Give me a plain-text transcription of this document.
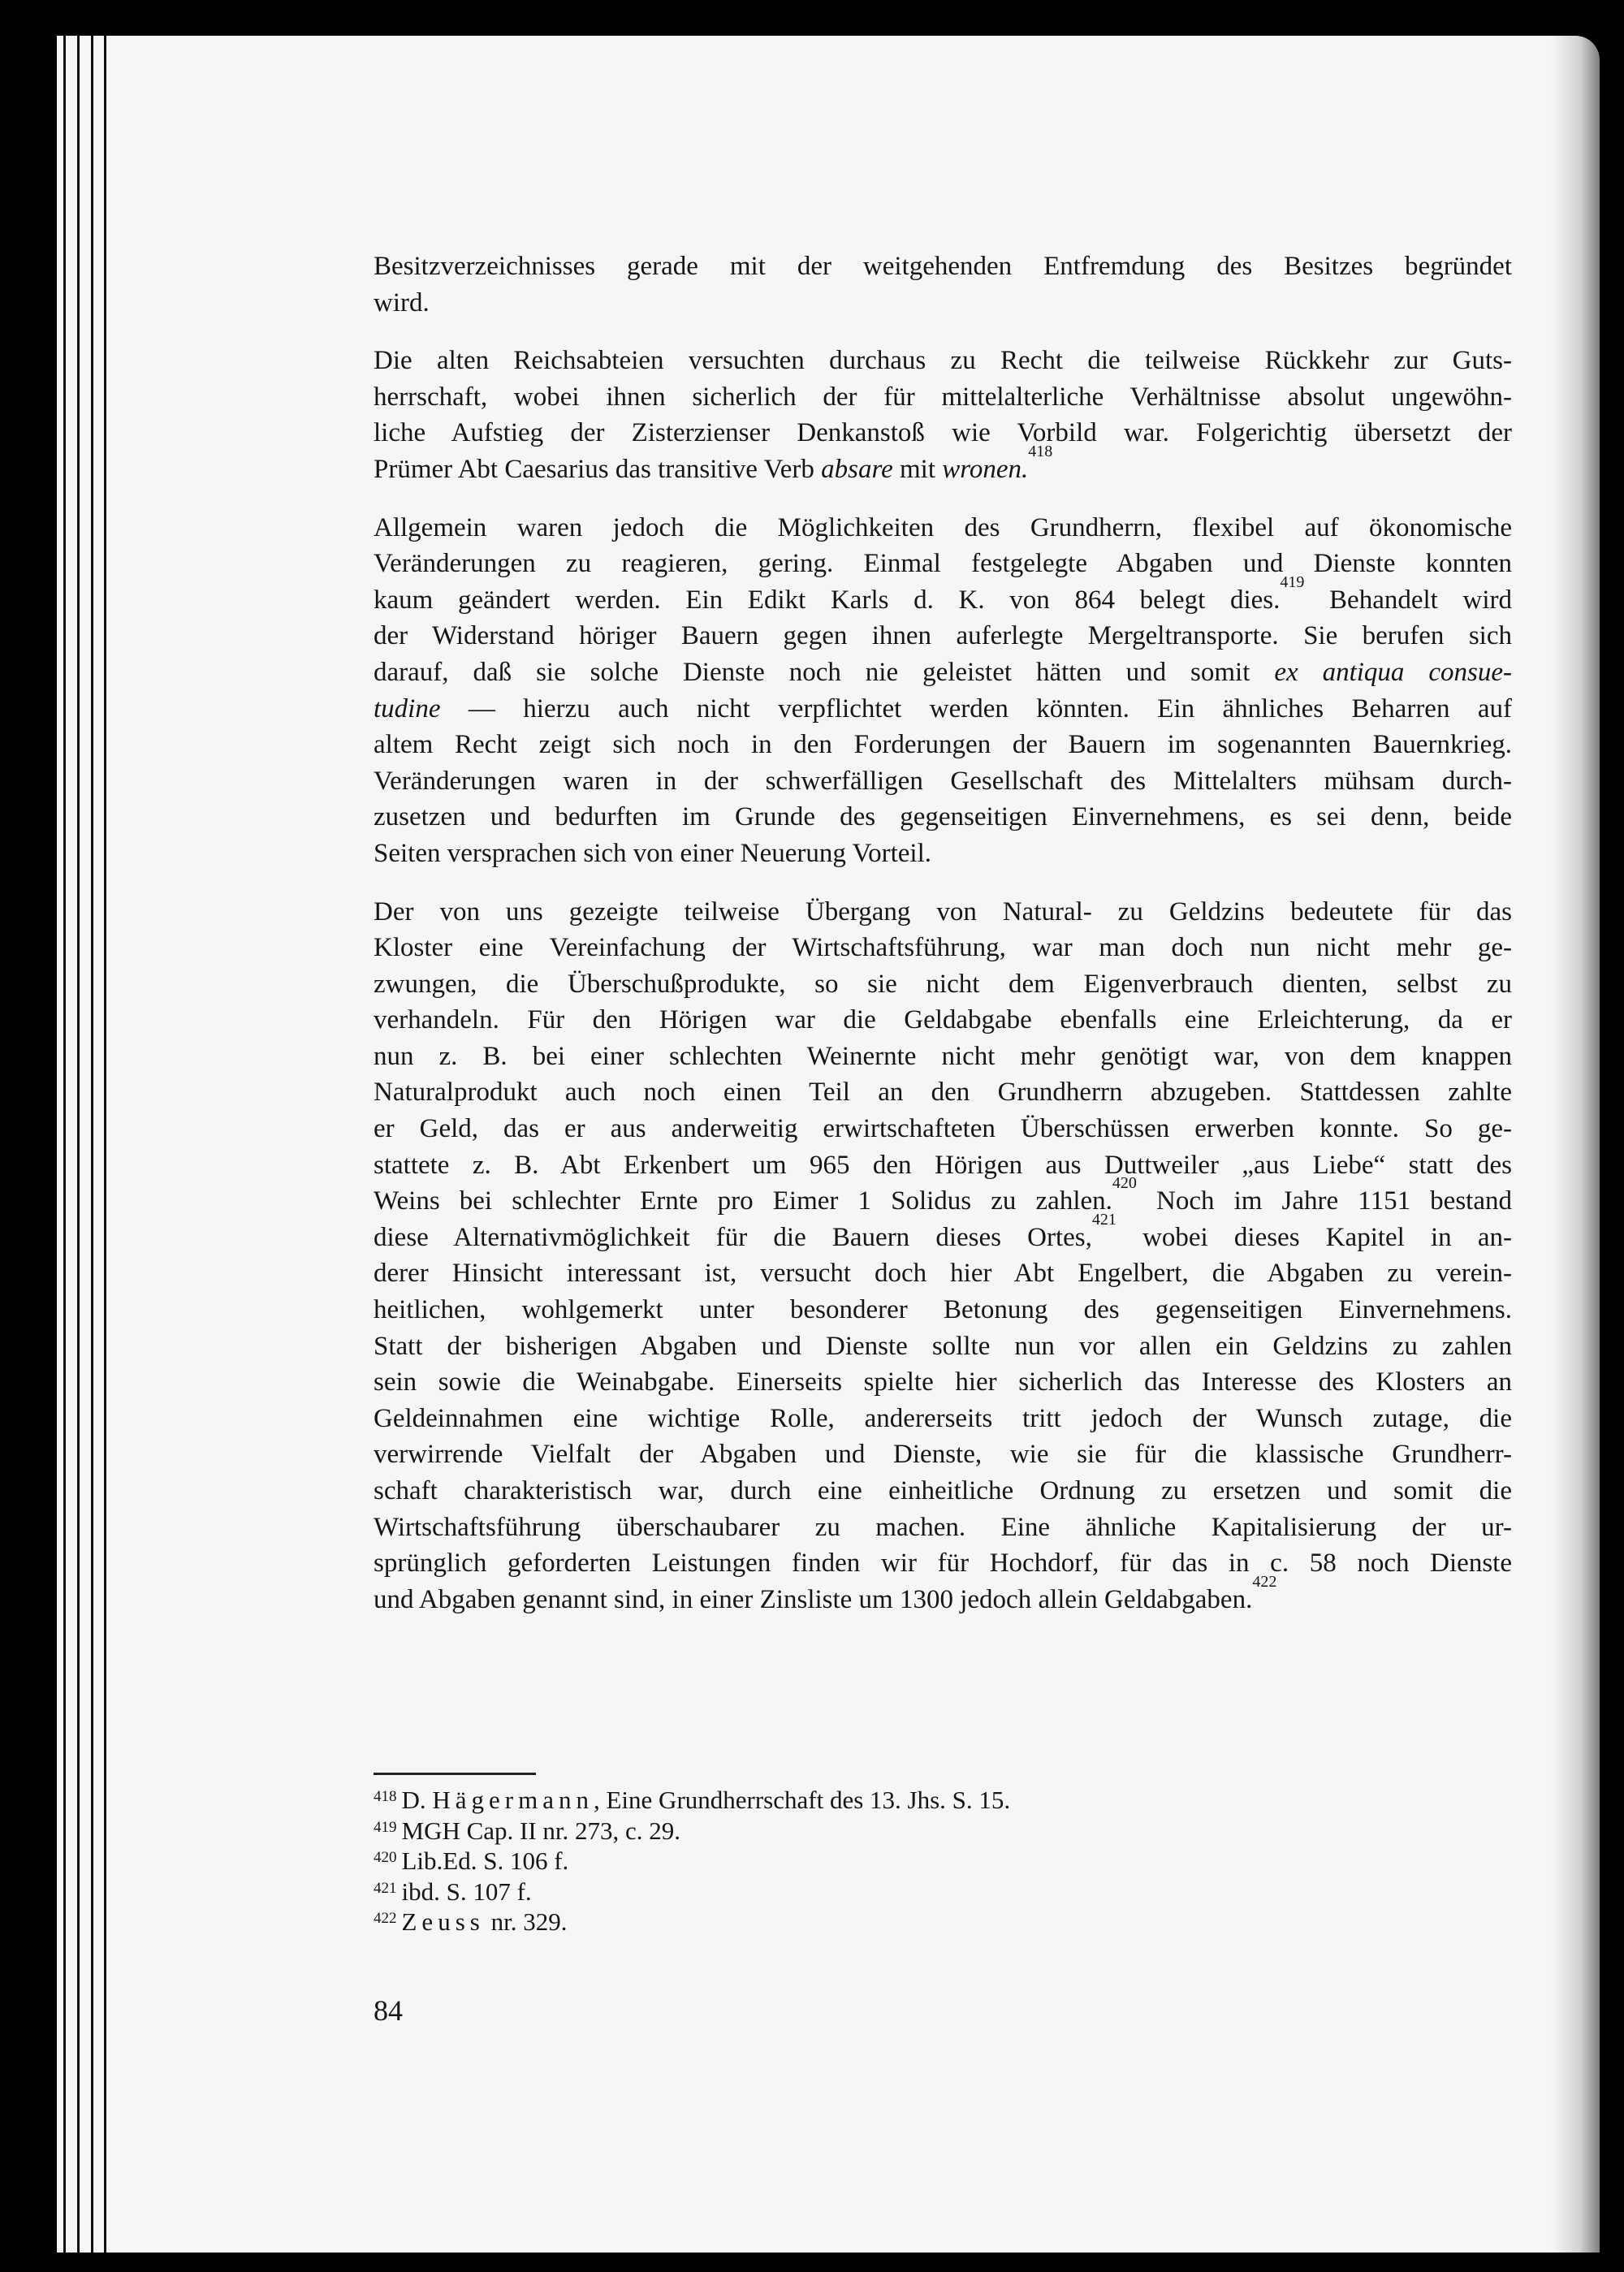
Besitzverzeichnisses gerade mit der weitgehenden Entfremdung des Besitzes begründet
wird.
Die alten Reichsabteien versuchten durchaus zu Recht die teilweise Rückkehr zur Guts-
herrschaft, wobei ihnen sicherlich der für mittelalterliche Verhältnisse absolut ungewöhn-
liche Aufstieg der Zisterzienser Denkanstoß wie Vorbild war. Folgerichtig übersetzt der
Prümer Abt Caesarius das transitive Verb absare mit wronen.$^{418}$
Allgemein waren jedoch die Möglichkeiten des Grundherrn, flexibel auf ökonomische
Veränderungen zu reagieren, gering. Einmal festgelegte Abgaben und Dienste konnten
kaum geändert werden. Ein Edikt Karls d. K. von 864 belegt dies.$^{419}$ Behandelt wird
der Widerstand höriger Bauern gegen ihnen auferlegte Mergeltransporte. Sie berufen sich
darauf, daß sie solche Dienste noch nie geleistet hätten und somit ex antiqua consue-
tudine — hierzu auch nicht verpflichtet werden könnten. Ein ähnliches Beharren auf
altem Recht zeigt sich noch in den Forderungen der Bauern im sogenannten Bauernkrieg.
Veränderungen waren in der schwerfälligen Gesellschaft des Mittelalters mühsam durch-
zusetzen und bedurften im Grunde des gegenseitigen Einvernehmens, es sei denn, beide
Seiten versprachen sich von einer Neuerung Vorteil.
Der von uns gezeigte teilweise Übergang von Natural- zu Geldzins bedeutete für das
Kloster eine Vereinfachung der Wirtschaftsführung, war man doch nun nicht mehr ge-
zwungen, die Überschußprodukte, so sie nicht dem Eigenverbrauch dienten, selbst zu
verhandeln. Für den Hörigen war die Geldabgabe ebenfalls eine Erleichterung, da er
nun z. B. bei einer schlechten Weinernte nicht mehr genötigt war, von dem knappen
Naturalprodukt auch noch einen Teil an den Grundherrn abzugeben. Stattdessen zahlte
er Geld, das er aus anderweitig erwirtschafteten Überschüssen erwerben konnte. So ge-
stattete z. B. Abt Erkenbert um 965 den Hörigen aus Duttweiler „aus Liebe“ statt des
Weins bei schlechter Ernte pro Eimer 1 Solidus zu zahlen.$^{420}$ Noch im Jahre 1151 bestand
diese Alternativmöglichkeit für die Bauern dieses Ortes,$^{421}$ wobei dieses Kapitel in an-
derer Hinsicht interessant ist, versucht doch hier Abt Engelbert, die Abgaben zu verein-
heitlichen, wohlgemerkt unter besonderer Betonung des gegenseitigen Einvernehmens.
Statt der bisherigen Abgaben und Dienste sollte nun vor allen ein Geldzins zu zahlen
sein sowie die Weinabgabe. Einerseits spielte hier sicherlich das Interesse des Klosters an
Geldeinnahmen eine wichtige Rolle, andererseits tritt jedoch der Wunsch zutage, die
verwirrende Vielfalt der Abgaben und Dienste, wie sie für die klassische Grundherr-
schaft charakteristisch war, durch eine einheitliche Ordnung zu ersetzen und somit die
Wirtschaftsführung überschaubarer zu machen. Eine ähnliche Kapitalisierung der ur-
sprünglich geforderten Leistungen finden wir für Hochdorf, für das in c. 58 noch Dienste
und Abgaben genannt sind, in einer Zinsliste um 1300 jedoch allein Geldabgaben.$^{422}$
$^{418}$ D. Hägermann, Eine Grundherrschaft des 13. Jhs. S. 15.
$^{419}$ MGH Cap. II nr. 273, c. 29.
$^{420}$ Lib.Ed. S. 106 f.
$^{421}$ ibd. S. 107 f.
$^{422}$ Zeuss nr. 329.
84
